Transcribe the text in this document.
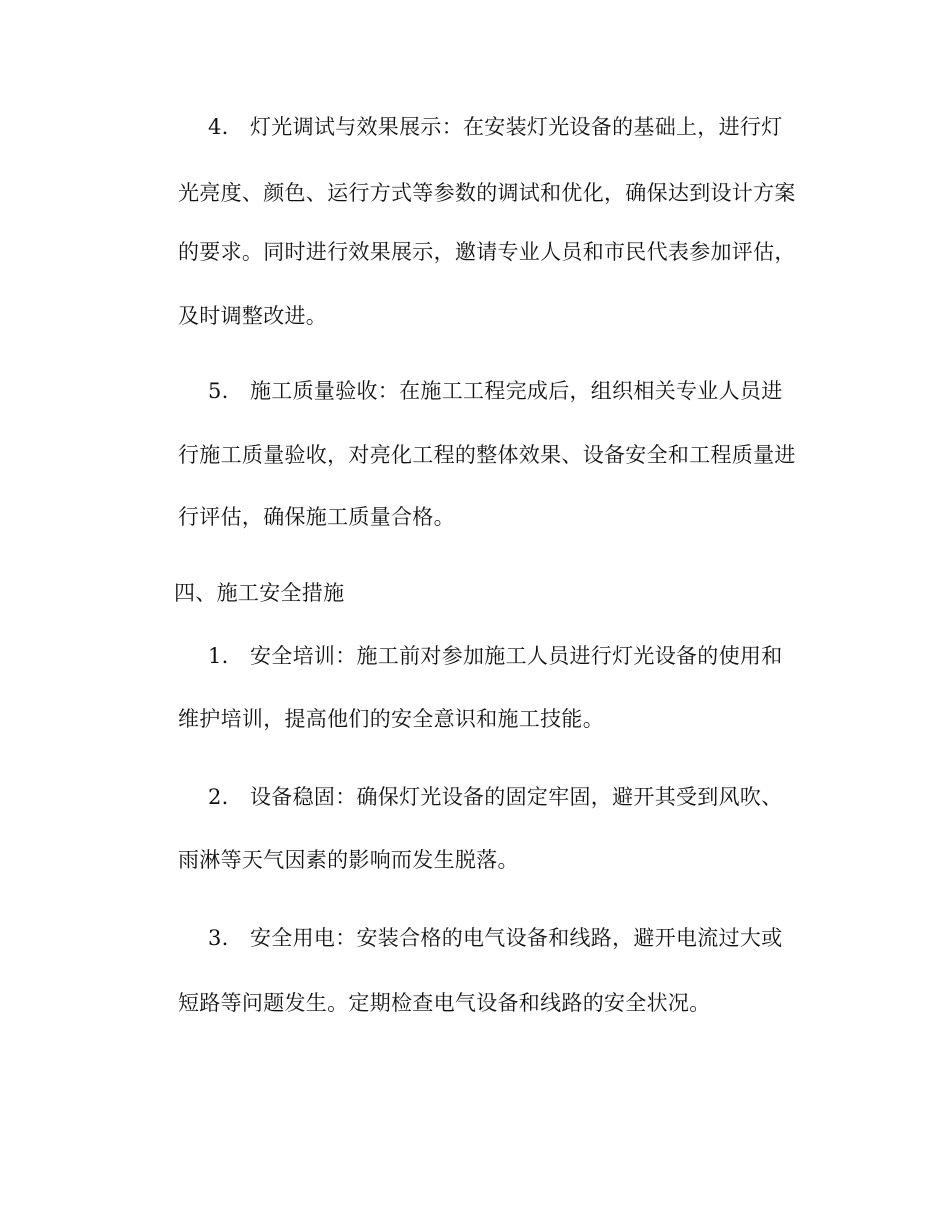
4. 灯光调试与效果展示：在安装灯光设备的基础上，进行灯
光亮度、颜色、运行方式等参数的调试和优化，确保达到设计方案
的要求。同时进行效果展示，邀请专业人员和市民代表参加评估，
及时调整改进。
5. 施工质量验收：在施工工程完成后，组织相关专业人员进
行施工质量验收，对亮化工程的整体效果、设备安全和工程质量进
行评估，确保施工质量合格。
四、施工安全措施
1. 安全培训：施工前对参加施工人员进行灯光设备的使用和
维护培训，提高他们的安全意识和施工技能。
2. 设备稳固：确保灯光设备的固定牢固，避开其受到风吹、
雨淋等天气因素的影响而发生脱落。
3. 安全用电：安装合格的电气设备和线路，避开电流过大或
短路等问题发生。定期检查电气设备和线路的安全状况。
